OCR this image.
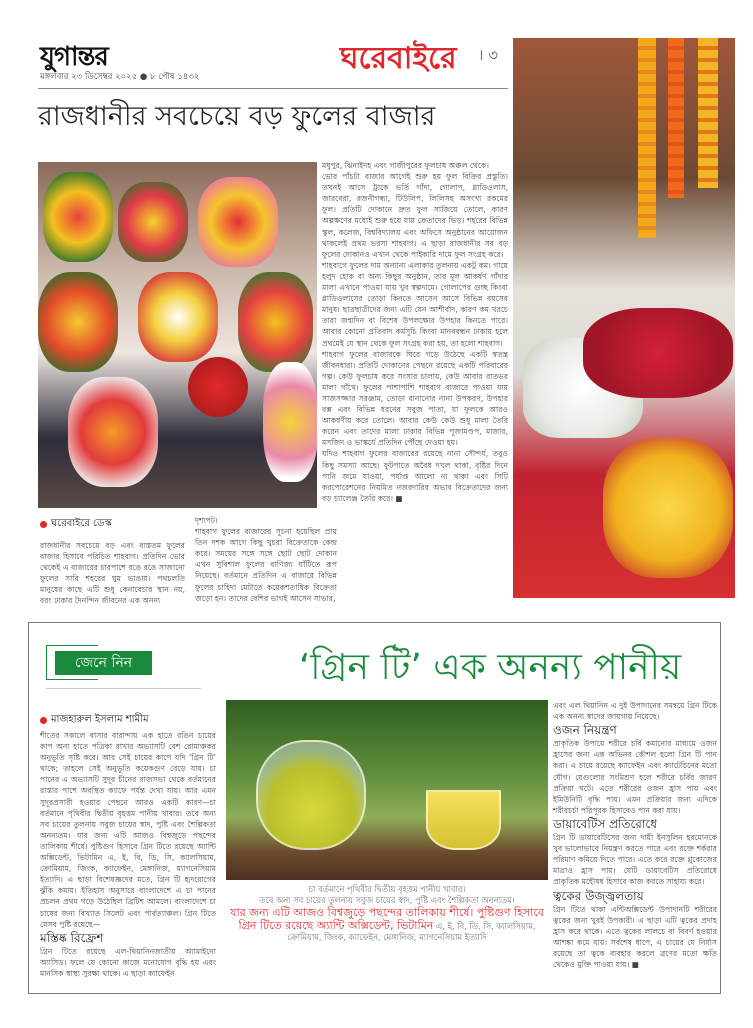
যুগান্তর
মঙ্গলবার ২৩ ডিসেম্বর ২০২৫ ● ৮ পৌষ ১৪৩২
ঘরেবাইরে । ৩
রাজধানীর সবচেয়ে বড় ফুলের বাজার
ঘরেবাইরে ডেস্ক

রাজধানীর সবচেয়ে বড় এবং ব্যস্ততম ফুলের বাজার হিসাবে পরিচিত শাহবাগ। প্রতিদিন ভোর থেকেই এ বাজারের চারপাশে রঙে রঙে সাজানো ফুলের সারি শহরের ঘুম ভাঙায়। পথচলতি মানুষের কাছে এটি শুধু কেনাবেচার স্থান নয়, বরং ঢাকার দৈনন্দিন জীবনের এক অনন্য

দৃশ্যপট।

শাহবাগ ফুলের বাজারের সূচনা হয়েছিল প্রায় তিন দশক আগে কিছু খুচরা বিক্রেতাকে কেন্দ্র করে। সময়ের সঙ্গে সঙ্গে ছোট ছোট দোকান এখন সুবিশাল ফুলের বাণিজ্য ঘাঁটিতে রূপ নিয়েছে। বর্তমানে প্রতিদিন এ বাজারে বিভিন্ন ফুলের চাহিদা মেটাতে কয়েকশতাধিক বিক্রেতা জড়ো হন। তাদের বেশির ভাগই আসেন সাভার,

মধুপুর, ঝিনাইদহ এবং গাজীপুরের ফুলচাষ অঞ্চল থেকে।

ভোর পাঁচটা বাজার আগেই শুরু হয় ফুল বিক্রির প্রস্তুতি। তখনই আসে ট্রাকে ভর্তি গাঁদা, গোলাপ, গ্লাডিওলাস, জারবেরা, রজনীগন্ধা, টিউলিপ, লিলিসহ অসংখ্য রকমের ফুল। প্রতিটি দোকানে দ্রুত ফুল সাজিয়ে তোলে, কারণ অল্পক্ষণের মধ্যেই শুরু হয়ে যায় ক্রেতাদের ভিড়। শহরের বিভিন্ন স্কুল, কলেজ, বিশ্ববিদ্যালয় এবং অফিসে অনুষ্ঠানের আয়োজন থাকলেই প্রথম ভরসা শাহবাগ। এ ছাড়া রাজধানীর সব বড় ফুলের দোকানও এখান থেকে পাইকারি দামে ফুল সংগ্রহ করে।

শাহবাগে ফুলের দাম অন্যান্য এলাকার তুলনায় একটু কম। গায়ে হলুদ হোক বা অন্য কিছুর অনুষ্ঠান, তার মূল আকর্ষণ গাঁদার মালা এখানে পাওয়া যায় খুব স্বল্পদামে। গোলাপের গুচ্ছ কিংবা গ্লাডিওলাসের তোড়া কিনতে আসেন আসে বিভিন্ন বয়সের মানুষ। ছাত্রছাত্রীদের জন্য এটি যেন আশীর্বাদ, কারণ কম খরচে তারা জন্মদিন বা বিশেষ উপলক্ষ্যের উপহার কিনতে পারে। আবার কোনো প্রতিবাদ কর্মসূচি কিংবা মানববন্ধন ঢাকায় হলে প্রথমেই যে স্থান থেকে ফুল সংগ্রহ করা হয়, তা হলো শাহবাগ।

শাহবাগ ফুলের বাজারকে ঘিরে গড়ে উঠেছে একটি স্বতন্ত্র জীবনধারা। প্রতিটি দোকানের পেছনে রয়েছে একটি পরিবারের গল্প। কেউ ফুলচাষ করে সংসার চালায়, কেউ আবার রাতভর মালা গাঁথে। ফুলের পাশাপাশি শাহবাগ বাজারে পাওয়া যায় সাজসজ্জার সরঞ্জাম, তোড়া বানানোর নানা উপকরণ, উপহার বক্স এবং বিভিন্ন ধরনের সবুজ পাতা, যা ফুলকে আরও আকর্ষণীয় করে তোলে। আবার কেউ কেউ শুধু মালা তৈরি করেন এবং তাদের মালা ঢাকার বিভিন্ন পূজামণ্ডপ, মাজার, মসজিদ ও ভাস্কর্যে প্রতিদিন পৌঁছে দেওয়া হয়।

যদিও শাহবাগ ফুলের বাজারের রয়েছে নানা সৌন্দর্য, তবুও কিছু সমস্যা আছে। ফুটপাতে অবৈধ দখল থাকা, বৃষ্টির দিনে পানি জমে যাওয়া, পর্যাপ্ত আলো না থাকা এবং সিটি করপোরেশনের নিয়মিত নজরদারির অভাব বিক্রেতাদের জন্য বড় চ্যালেঞ্জ তৈরি করে। ■

জেনে নিন	‘গ্রিন টি’ এক অনন্য পানীয়
মাজহারুল ইসলাম শামীম

শীতের সকালে বাসার বারান্দায় এক হাতে রঙিন চায়ের কাপ অন্য হাতে পত্রিকা রাখার অভ্যাসটি বেশ রোমাঞ্চকর অনুভূতি সৃষ্টি করে। আর সেই চায়ের কাপে যদি ‘গ্রিন টি’ থাকে; তাহলে সেই অনুভূতি কয়েকগুণ বেড়ে যায়। চা পানের এ অভ্যাসটি সুদূর চীনের রাজসভা থেকে বর্তমানের রাস্তার পাশে অবস্থিত ক্যাফে পর্যন্ত দেখা যায়। আর এমন সুদূরপ্রসারী হওয়ার পেছনে আরও একটি কারণ—চা বর্তমানে পৃথিবীর দ্বিতীয় বৃহত্তম পানীয় খাবার। তবে অন্য সব চায়ের তুলনায় সবুজ চায়ের স্বাদ, পুষ্টি এবং শৈল্পিকতা অনন্যতম। যার জন্য এটি আজও বিশ্বজুড়ে পছন্দের তালিকায় শীর্ষে। পুষ্টিগুণ হিসাবে গ্রিন টিতে রয়েছে অ্যান্টি অক্সিডেন্ট, ভিটামিন এ, ই, বি, ডি, সি, ক্যালসিয়াম, ক্রোমিয়াম, জিংক, ক্যাফেইন, মেঙ্গানিজ, ম্যাগনেসিয়াম ইত্যাদি। এ ছাড়া বিশেষজ্ঞদের মতে, গ্রিন টি হৃদরোগের ঝুঁকি কমায়। ইতিহাস অনুসারে বাংলাদেশে এ চা পানের প্রচলন প্রথম গড়ে উঠেছিল ব্রিটিশ আমলে। বাংলাদেশে চা চাষের জন্য বিখ্যাত সিলেট এবং পার্বত্যাঞ্চল। গ্রিন টিতে যেসব পুষ্টি রয়েছে—

মস্তিষ্ক রিফ্রেশ

গ্রিন টিতে রয়েছে এল-থিয়ানিনজাতীয় অ্যামাইনো অ্যাসিড। ফলে যে কোনো কাজে মনোযোগ বৃদ্ধি হয় এবং মানসিক স্বাস্থ্য সুরক্ষা থাকে। এ ছাড়া ক্যাফেইন

চা বর্তমানে পৃথিবীর দ্বিতীয় বৃহত্তম পানীয় খাবার।
তবে অন্য সব চায়ের তুলনায় সবুজ চায়ের স্বাদ, পুষ্টি এবং শৈল্পিকতা অনন্যতম।
যার জন্য এটি আজও বিশ্বজুড়ে পছন্দের তালিকায় শীর্ষে। পুষ্টিগুণ হিসাবে গ্রিন টিতে রয়েছে অ্যান্টি অক্সিডেন্ট, ভিটামিন এ, ই, বি, ডি, সি, ক্যালসিয়াম, ক্রোমিয়াম, জিংক, ক্যাফেইন, মেঙ্গানিজ, ম্যাগনেসিয়াম ইত্যাদি

এবং এল থিয়ানিন এ দুই উপাদানের সমন্বয়ে গ্রিন টিকে এক অনন্য স্বাদের জায়গায় নিয়েছে।

ওজন নিয়ন্ত্রণ

প্রাকৃতিক উপায়ে শরীরে চর্বি কমানোর মাধ্যমে ওজন হ্রাসের জন্য এক অভিনব কৌশল হলো গ্রিন টি পান করা। এ চায়ে রয়েছে ক্যাফেইন এবং ক্যাটেচিনের মতো যৌগ। যেগুলোর সংমিশ্রণ হলে শরীরে চর্বির জারণ প্রক্রিয়া ঘটে। এতে শরীরের ওজন হ্রাস পায় এবং ইমিউনিটি বৃদ্ধি পায়। এমন প্রক্রিয়ার জন্য এদিকে শরীরচর্চা পরিপূরক হিসাবেও পান করা যায়।

ডায়াবেটিস প্রতিরোধে

গ্রিন টি ডায়াবেটিসের জন্য দায়ী ইনসুলিন হরমোনকে খুব ভালোভাবে নিয়ন্ত্রণ করতে পারে এবং রক্তে শর্করার পরিমাণ কমিয়ে দিতে পারে। এতে করে রক্তে গ্লুকোজের মাত্রাও হ্রাস পায়। যেটি ডায়াবেটিস প্রতিরোধে প্রাকৃতিক মহৌষধ হিসাবে কাজ করতে সাহায্য করে।

ত্বকের উজ্জ্বলতায়

গ্রিন টিতে থাকা এন্টিঅক্সিডেন্ট উপাদানটি শরীরের ত্বকের জন্য খুবই উপকারী। এ ছাড়া এটি ত্বকের প্রদাহ হ্রাস করে থাকে। এতে ত্বকের লালচে বা বিবর্ণ হওয়ার আশঙ্কা কমে যায়। সর্বশেষ ধাপে, এ চায়ের যে নির্যাস রয়েছে তা ত্বকে ব্যবহার করলে ব্রণের মতো ক্ষতি থেকেও মুক্তি পাওয়া যায়। ■
